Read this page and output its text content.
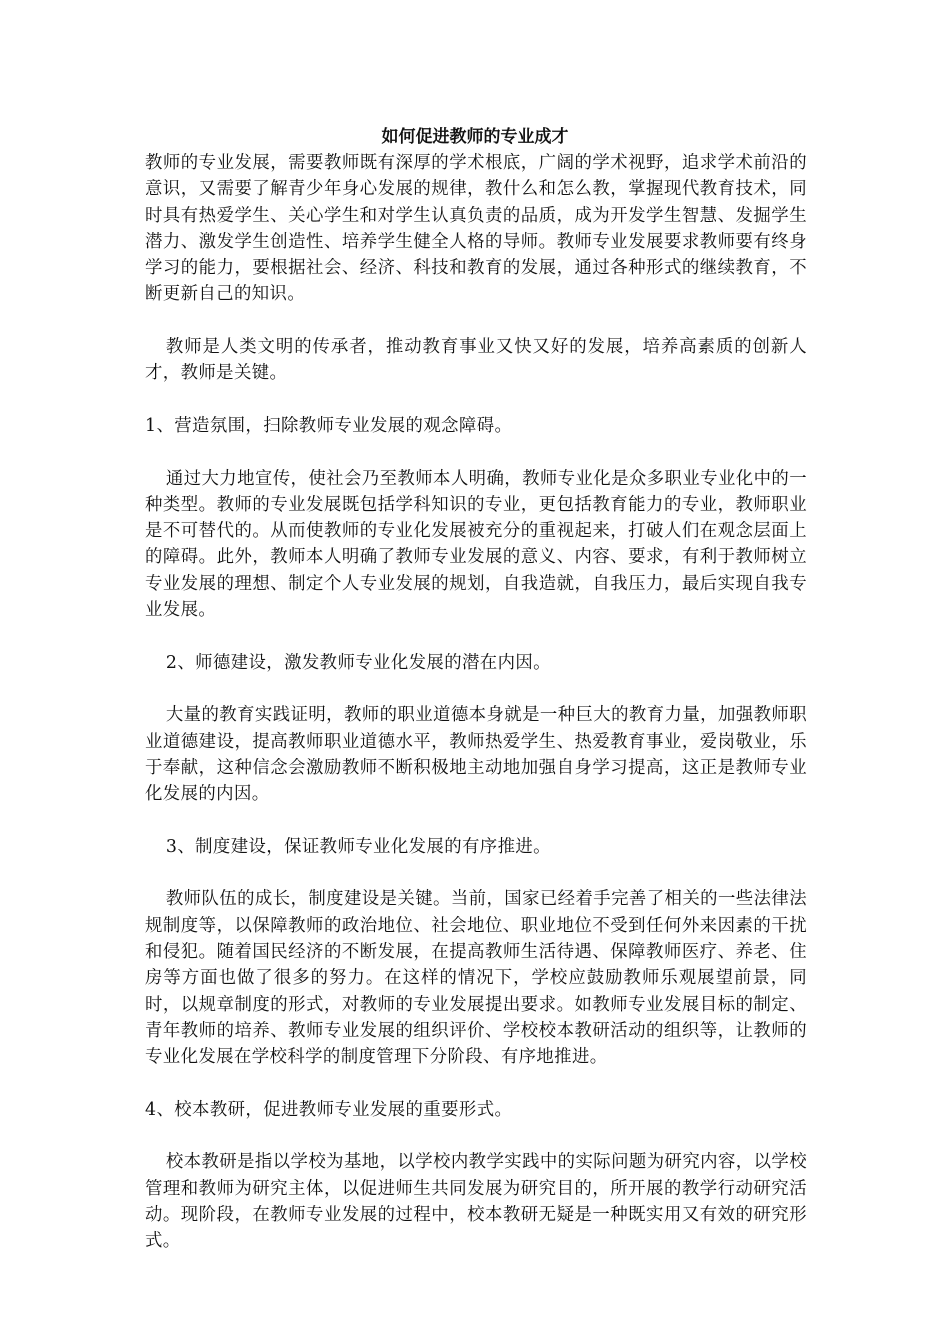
如何促进教师的专业成才

教师的专业发展，需要教师既有深厚的学术根底，广阔的学术视野，追求学术前沿的意识，又需要了解青少年身心发展的规律，教什么和怎么教，掌握现代教育技术，同时具有热爱学生、关心学生和对学生认真负责的品质，成为开发学生智慧、发掘学生潜力、激发学生创造性、培养学生健全人格的导师。教师专业发展要求教师要有终身学习的能力，要根据社会、经济、科技和教育的发展，通过各种形式的继续教育，不断更新自己的知识。

教师是人类文明的传承者，推动教育事业又快又好的发展，培养高素质的创新人才，教师是关键。

1、营造氛围，扫除教师专业发展的观念障碍。

通过大力地宣传，使社会乃至教师本人明确，教师专业化是众多职业专业化中的一种类型。教师的专业发展既包括学科知识的专业，更包括教育能力的专业，教师职业是不可替代的。从而使教师的专业化发展被充分的重视起来，打破人们在观念层面上的障碍。此外，教师本人明确了教师专业发展的意义、内容、要求，有利于教师树立专业发展的理想、制定个人专业发展的规划，自我造就，自我压力，最后实现自我专业发展。

2、师德建设，激发教师专业化发展的潜在内因。

大量的教育实践证明，教师的职业道德本身就是一种巨大的教育力量，加强教师职业道德建设，提高教师职业道德水平，教师热爱学生、热爱教育事业，爱岗敬业，乐于奉献，这种信念会激励教师不断积极地主动地加强自身学习提高，这正是教师专业化发展的内因。

3、制度建设，保证教师专业化发展的有序推进。

教师队伍的成长，制度建设是关键。当前，国家已经着手完善了相关的一些法律法规制度等，以保障教师的政治地位、社会地位、职业地位不受到任何外来因素的干扰和侵犯。随着国民经济的不断发展，在提高教师生活待遇、保障教师医疗、养老、住房等方面也做了很多的努力。在这样的情况下，学校应鼓励教师乐观展望前景，同时，以规章制度的形式，对教师的专业发展提出要求。如教师专业发展目标的制定、青年教师的培养、教师专业发展的组织评价、学校校本教研活动的组织等，让教师的专业化发展在学校科学的制度管理下分阶段、有序地推进。

4、校本教研，促进教师专业发展的重要形式。

校本教研是指以学校为基地，以学校内教学实践中的实际问题为研究内容，以学校管理和教师为研究主体，以促进师生共同发展为研究目的，所开展的教学行动研究活动。现阶段，在教师专业发展的过程中，校本教研无疑是一种既实用又有效的研究形式。
